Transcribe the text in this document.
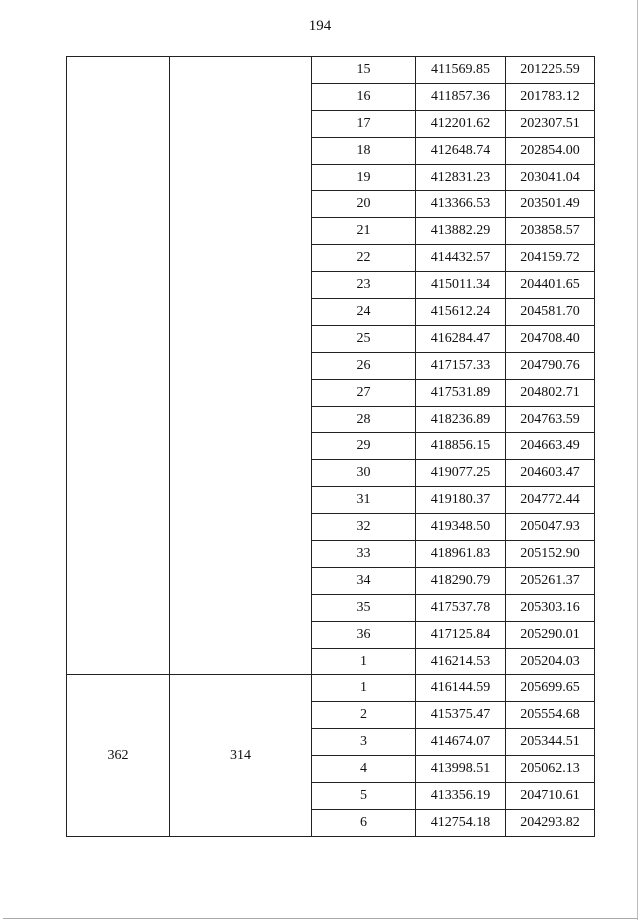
194
		15	411569.85	201225.59
		16	411857.36	201783.12
		17	412201.62	202307.51
		18	412648.74	202854.00
		19	412831.23	203041.04
		20	413366.53	203501.49
		21	413882.29	203858.57
		22	414432.57	204159.72
		23	415011.34	204401.65
		24	415612.24	204581.70
		25	416284.47	204708.40
		26	417157.33	204790.76
		27	417531.89	204802.71
		28	418236.89	204763.59
		29	418856.15	204663.49
		30	419077.25	204603.47
		31	419180.37	204772.44
		32	419348.50	205047.93
		33	418961.83	205152.90
		34	418290.79	205261.37
		35	417537.78	205303.16
		36	417125.84	205290.01
		1	416214.53	205204.03
362	314	1	416144.59	205699.65
		2	415375.47	205554.68
		3	414674.07	205344.51
		4	413998.51	205062.13
		5	413356.19	204710.61
		6	412754.18	204293.82
